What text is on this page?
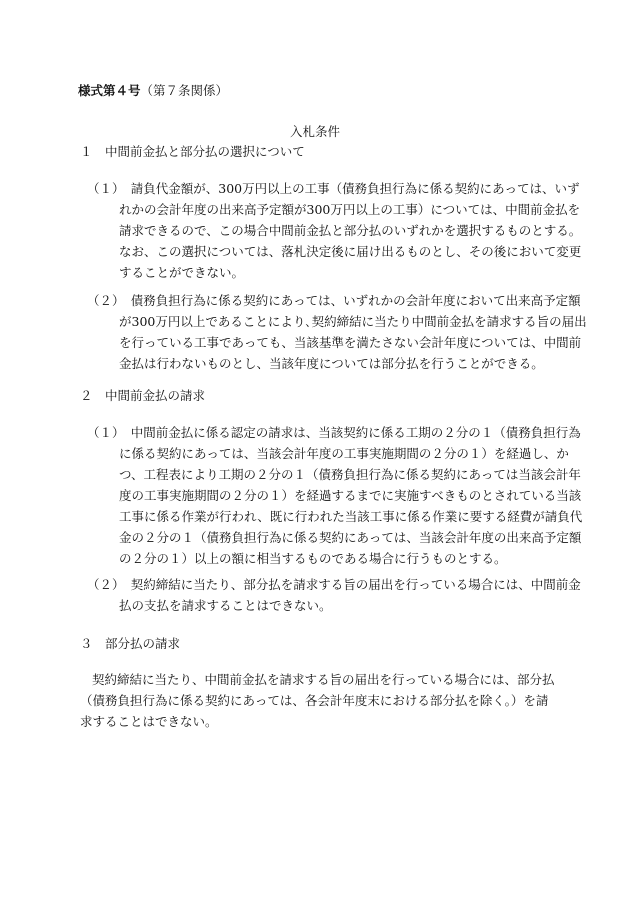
様式第４号（第７条関係）
入札条件
１　中間前金払と部分払の選択について

（１）　請負代金額が、300万円以上の工事（債務負担行為に係る契約にあっては、いずれかの会計年度の出来高予定額が300万円以上の工事）については、中間前金払を請求できるので、この場合中間前金払と部分払のいずれかを選択するものとする。　なお、この選択については、落札決定後に届け出るものとし、その後において変更することができない。

（２）　債務負担行為に係る契約にあっては、いずれかの会計年度において出来高予定額が300万円以上であることにより､契約締結に当たり中間前金払を請求する旨の届出を行っている工事であっても、当該基準を満たさない会計年度については、中間前金払は行わないものとし、当該年度については部分払を行うことができる。

２　中間前金払の請求

（１）　中間前金払に係る認定の請求は、当該契約に係る工期の２分の１（債務負担行為に係る契約にあっては、当該会計年度の工事実施期間の２分の１）を経過し、かつ、工程表により工期の２分の１（債務負担行為に係る契約にあっては当該会計年度の工事実施期間の２分の１）を経過するまでに実施すべきものとされている当該工事に係る作業が行われ、既に行われた当該工事に係る作業に要する経費が請負代金の２分の１（債務負担行為に係る契約にあっては、当該会計年度の出来高予定額の２分の１）以上の額に相当するものである場合に行うものとする。

（２）　契約締結に当たり、部分払を請求する旨の届出を行っている場合には、中間前金払の支払を請求することはできない。

３　部分払の請求

契約締結に当たり、中間前金払を請求する旨の届出を行っている場合には、部分払（債務負担行為に係る契約にあっては、各会計年度末における部分払を除く。）を請求することはできない。
